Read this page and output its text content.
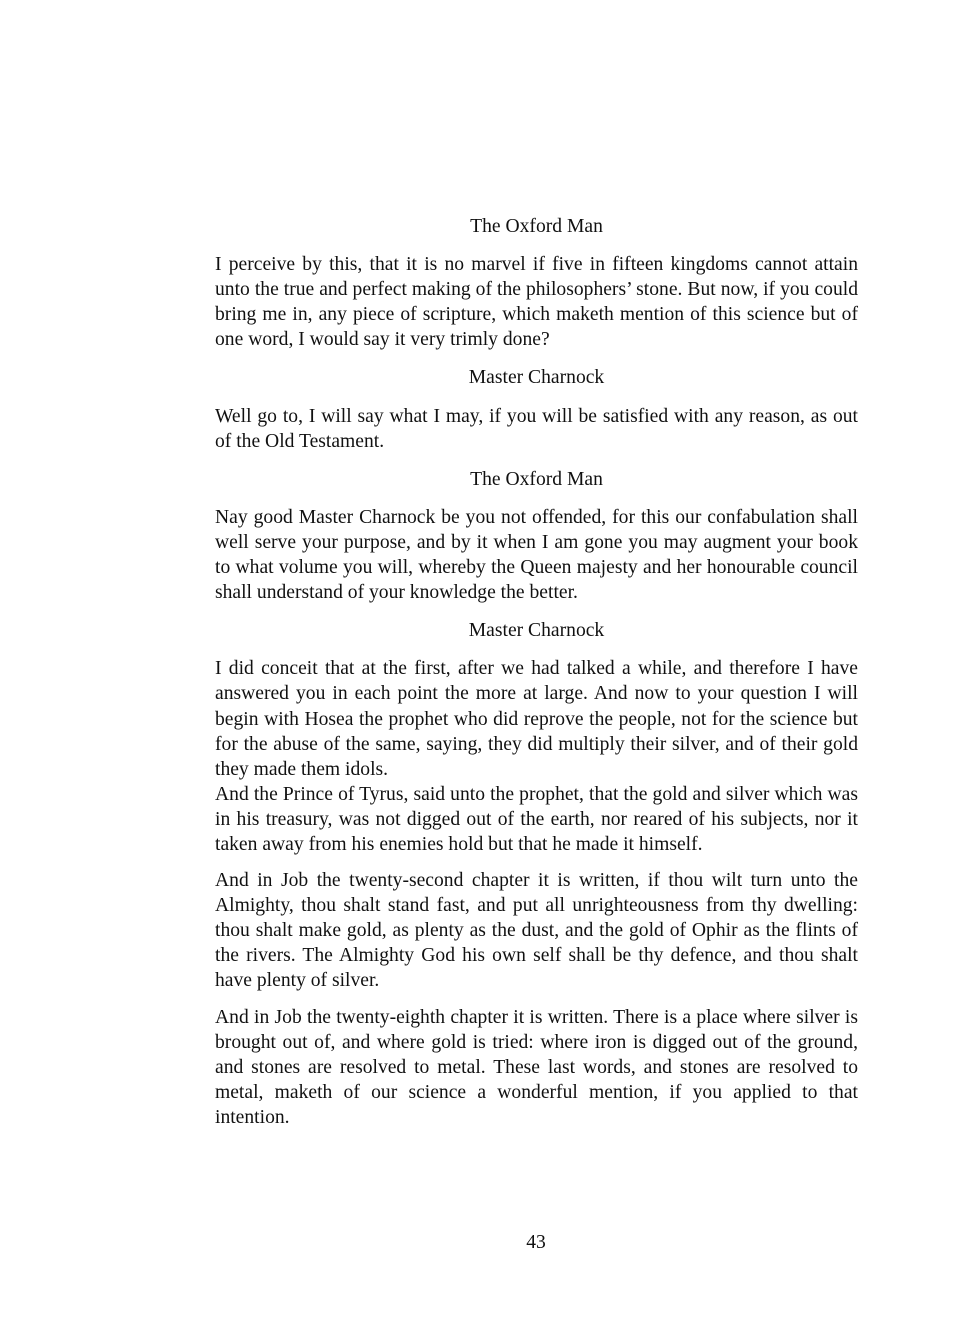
The Oxford Man

I perceive by this, that it is no marvel if five in fifteen kingdoms cannot attain unto the true and perfect making of the philosophers’ stone. But now, if you could bring me in, any piece of scripture, which maketh mention of this science but of one word, I would say it very trimly done?

Master Charnock

Well go to, I will say what I may, if you will be satisfied with any reason, as out of the Old Testament.

The Oxford Man

Nay good Master Charnock be you not offended, for this our confabulation shall well serve your purpose, and by it when I am gone you may augment your book to what volume you will, whereby the Queen majesty and her honourable council shall understand of your knowledge the better.

Master Charnock

I did conceit that at the first, after we had talked a while, and therefore I have answered you in each point the more at large. And now to your question I will begin with Hosea the prophet who did reprove the people, not for the science but for the abuse of the same, saying, they did multiply their silver, and of their gold they made them idols.

And the Prince of Tyrus, said unto the prophet, that the gold and silver which was in his treasury, was not digged out of the earth, nor reared of his subjects, nor it taken away from his enemies hold but that he made it himself.

And in Job the twenty-second chapter it is written, if thou wilt turn unto the Almighty, thou shalt stand fast, and put all unrighteousness from thy dwelling: thou shalt make gold, as plenty as the dust, and the gold of Ophir as the flints of the rivers. The Almighty God his own self shall be thy defence, and thou shalt have plenty of silver.

And in Job the twenty-eighth chapter it is written. There is a place where silver is brought out of, and where gold is tried: where iron is digged out of the ground, and stones are resolved to metal. These last words, and stones are resolved to metal, maketh of our science a wonderful mention, if you applied to that intention.

43
